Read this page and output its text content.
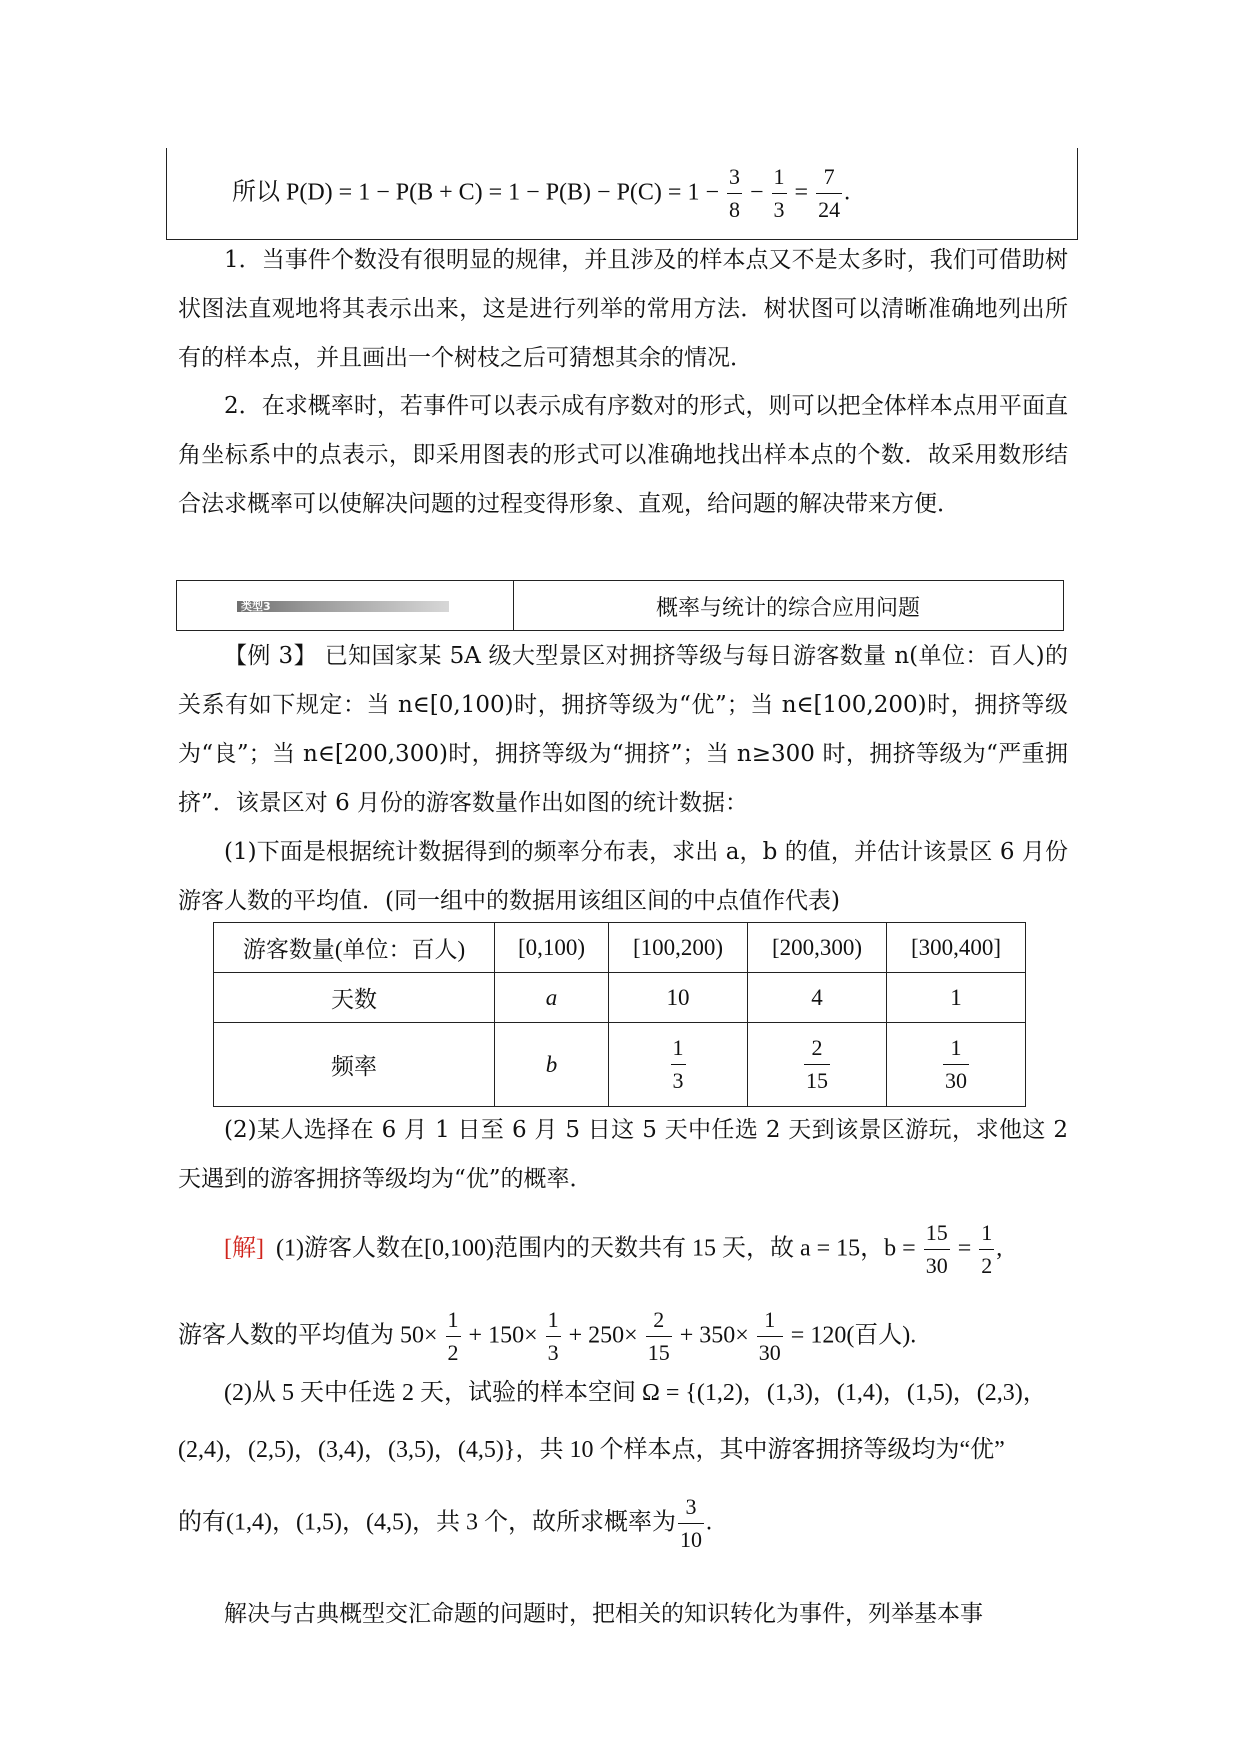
所以 $P(D) = 1 - P(B + C) = 1 - P(B) - P(C) = 1 - \frac{3}{8} - \frac{1}{3} = \frac{7}{24}$ .
1．当事件个数没有很明显的规律，并且涉及的样本点又不是太多时，我们可借助树状图法直观地将其表示出来，这是进行列举的常用方法．树状图可以清晰准确地列出所有的样本点，并且画出一个树枝之后可猜想其余的情况．
2．在求概率时，若事件可以表示成有序数对的形式，则可以把全体样本点用平面直角坐标系中的点表示，即采用图表的形式可以准确地找出样本点的个数．故采用数形结合法求概率可以使解决问题的过程变得形象、直观，给问题的解决带来方便．
类型3	概率与统计的综合应用问题
【例 3】 已知国家某 5A 级大型景区对拥挤等级与每日游客数量 n(单位：百人)的关系有如下规定：当 n∈[0,100)时，拥挤等级为“优”；当 n∈[100,200)时，拥挤等级为“良”；当 n∈[200,300)时，拥挤等级为“拥挤”；当 n≥300 时，拥挤等级为“严重拥挤”．该景区对 6 月份的游客数量作出如图的统计数据：
(1)下面是根据统计数据得到的频率分布表，求出 a，b 的值，并估计该景区 6 月份游客人数的平均值．(同一组中的数据用该组区间的中点值作代表)
游客数量(单位：百人)	[0,100)	[100,200)	[200,300)	[300,400]
天数	a	10	4	1
频率	b	$\frac{1}{3}$	$\frac{2}{15}$	$\frac{1}{30}$
(2)某人选择在 6 月 1 日至 6 月 5 日这 5 天中任选 2 天到该景区游玩，求他这 2 天遇到的游客拥挤等级均为“优”的概率．
[解] (1)游客人数在[0,100)范围内的天数共有 15 天，故 a = 15，$b = \frac{15}{30} = \frac{1}{2}$ ,
游客人数的平均值为 $50\times \frac{1}{2} + 150\times \frac{1}{3} + 250\times \frac{2}{15} + 350\times \frac{1}{30} = 120$(百人).
(2)从 5 天中任选 2 天，试验的样本空间 Ω = {(1,2)，(1,3)，(1,4)，(1,5)，(2,3)，
(2,4)，(2,5)，(3,4)，(3,5)，(4,5)}，共 10 个样本点，其中游客拥挤等级均为“优”
的有(1,4)，(1,5)，(4,5)，共 3 个，故所求概率为 $\frac{3}{10}$ .
解决与古典概型交汇命题的问题时，把相关的知识转化为事件，列举基本事
